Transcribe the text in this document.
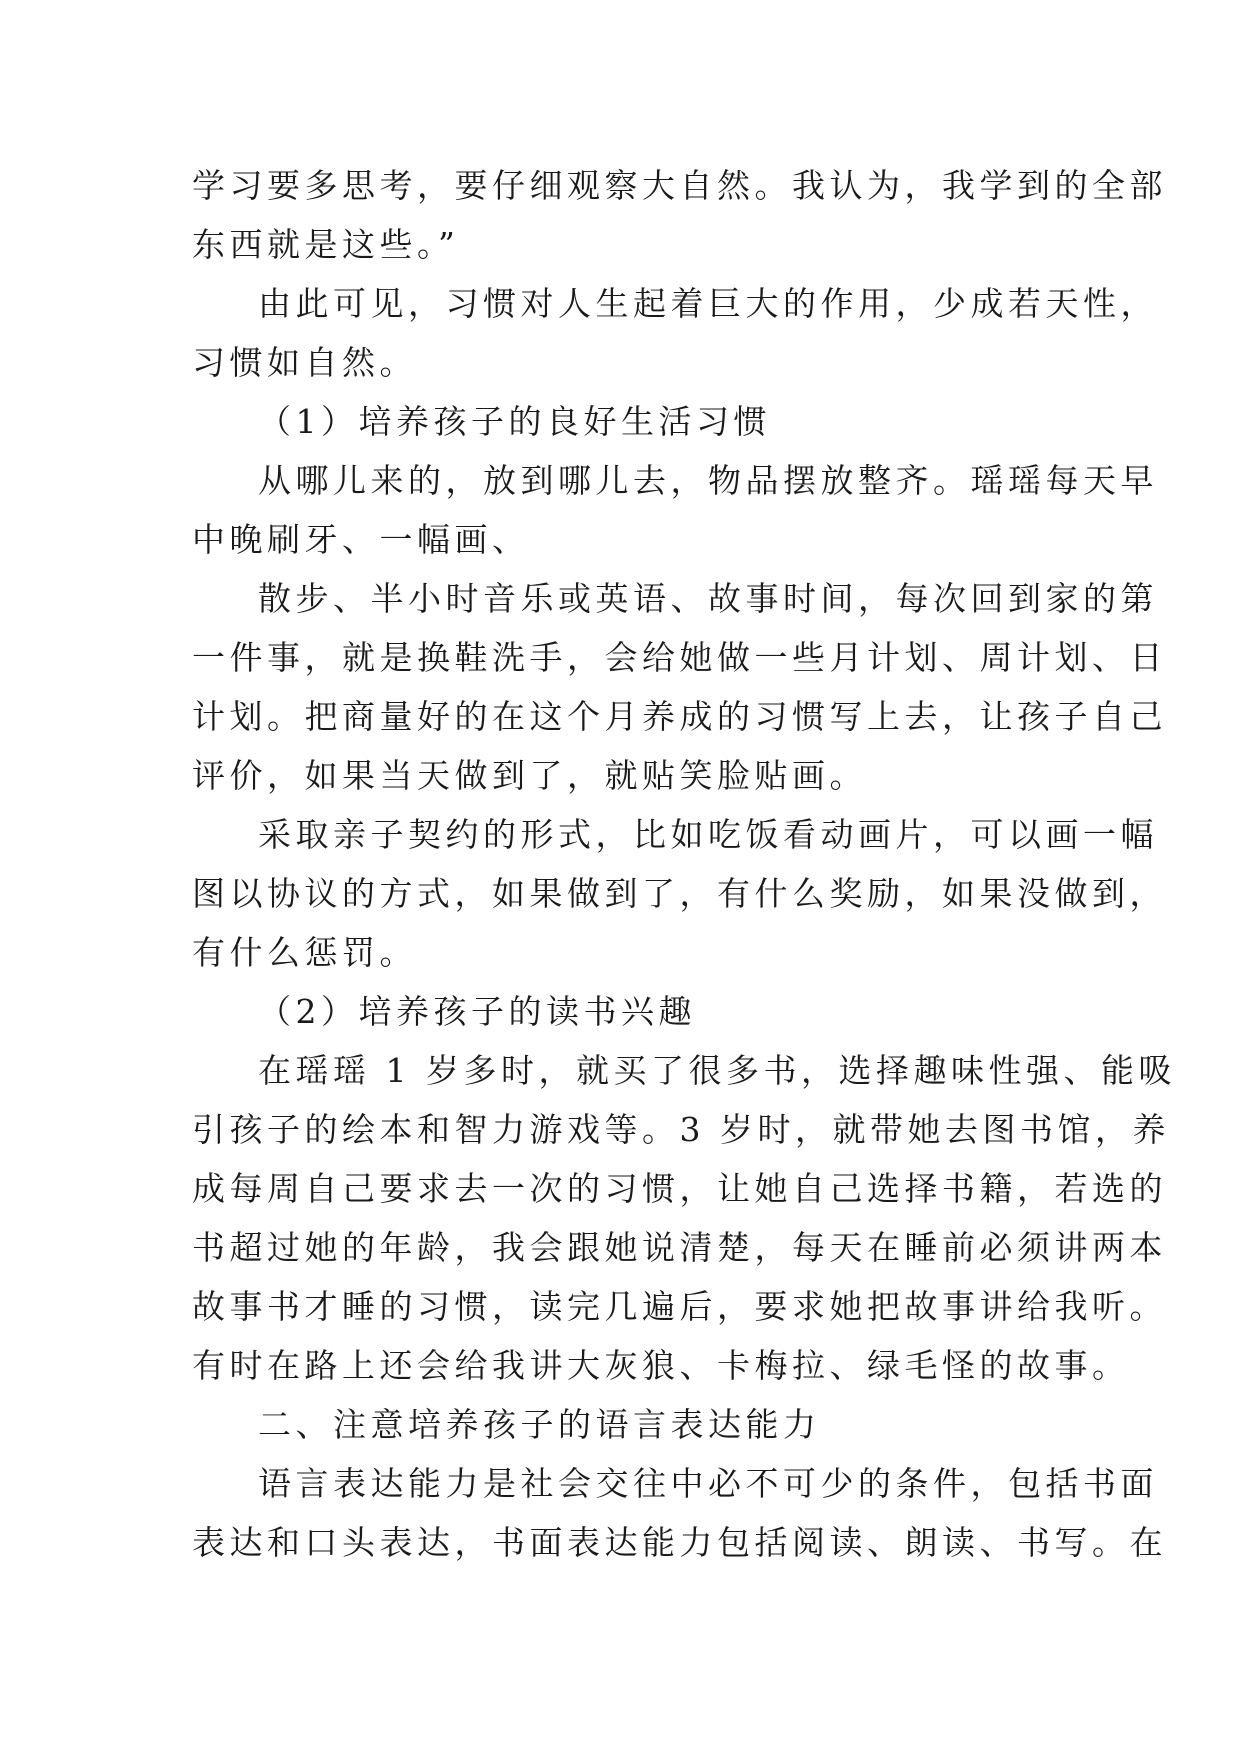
学习要多思考，要仔细观察大自然。我认为，我学到的全部
东西就是这些。”

由此可见，习惯对人生起着巨大的作用，少成若天性，
习惯如自然。

（1）培养孩子的良好生活习惯

从哪儿来的，放到哪儿去，物品摆放整齐。瑶瑶每天早
中晚刷牙、一幅画、

散步、半小时音乐或英语、故事时间，每次回到家的第
一件事，就是换鞋洗手，会给她做一些月计划、周计划、日
计划。把商量好的在这个月养成的习惯写上去，让孩子自己
评价，如果当天做到了，就贴笑脸贴画。

采取亲子契约的形式，比如吃饭看动画片，可以画一幅
图以协议的方式，如果做到了，有什么奖励，如果没做到，
有什么惩罚。

（2）培养孩子的读书兴趣

在瑶瑶 1 岁多时，就买了很多书，选择趣味性强、能吸
引孩子的绘本和智力游戏等。3 岁时，就带她去图书馆，养
成每周自己要求去一次的习惯，让她自己选择书籍，若选的
书超过她的年龄，我会跟她说清楚，每天在睡前必须讲两本
故事书才睡的习惯，读完几遍后，要求她把故事讲给我听。
有时在路上还会给我讲大灰狼、卡梅拉、绿毛怪的故事。

二、注意培养孩子的语言表达能力

语言表达能力是社会交往中必不可少的条件，包括书面
表达和口头表达，书面表达能力包括阅读、朗读、书写。在
